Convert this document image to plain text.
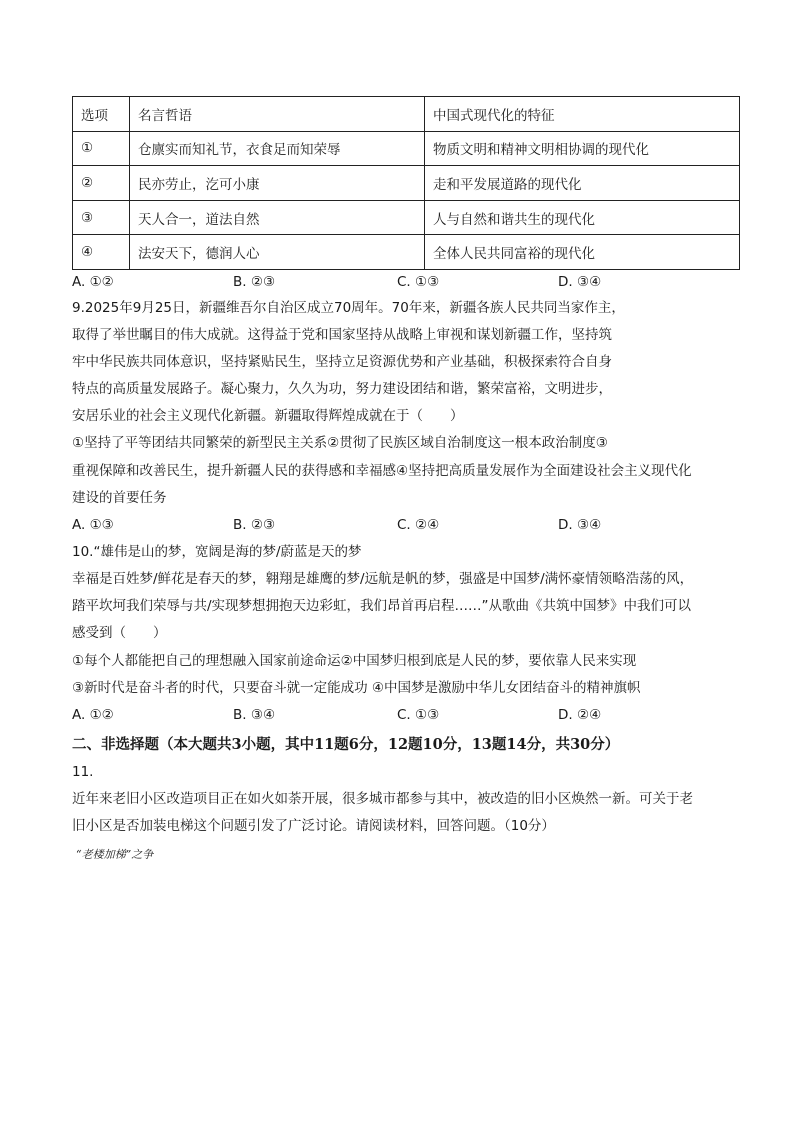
选项	名言哲语	中国式现代化的特征
①	仓廪实而知礼节，衣食足而知荣辱	物质文明和精神文明相协调的现代化
②	民亦劳止，汔可小康	走和平发展道路的现代化
③	天人合一，道法自然	人与自然和谐共生的现代化
④	法安天下，德润人心	全体人民共同富裕的现代化
A. ①②	B. ②③	C. ①③	D. ③④
9.2025年9月25日，新疆维吾尔自治区成立70周年。70年来，新疆各族人民共同当家作主，
取得了举世瞩目的伟大成就。这得益于党和国家坚持从战略上审视和谋划新疆工作，坚持筑
牢中华民族共同体意识，坚持紧贴民生，坚持立足资源优势和产业基础，积极探索符合自身
特点的高质量发展路子。凝心聚力，久久为功，努力建设团结和谐，繁荣富裕，文明进步，
安居乐业的社会主义现代化新疆。新疆取得辉煌成就在于（　　）
①坚持了平等团结共同繁荣的新型民主关系②贯彻了民族区域自治制度这一根本政治制度③
重视保障和改善民生，提升新疆人民的获得感和幸福感④坚持把高质量发展作为全面建设社会主义现代化
建设的首要任务
A. ①③	B. ②③	C. ②④	D. ③④
10.“雄伟是山的梦，宽阔是海的梦/蔚蓝是天的梦
幸福是百姓梦/鲜花是春天的梦，翱翔是雄鹰的梦/远航是帆的梦，强盛是中国梦/满怀豪情领略浩荡的风，
踏平坎坷我们荣辱与共/实现梦想拥抱天边彩虹，我们昂首再启程……”从歌曲《共筑中国梦》中我们可以
感受到（　　）
①每个人都能把自己的理想融入国家前途命运②中国梦归根到底是人民的梦，要依靠人民来实现
③新时代是奋斗者的时代，只要奋斗就一定能成功 ④中国梦是激励中华儿女团结奋斗的精神旗帜
A. ①②	B. ③④	C. ①③	D. ②④
二、非选择题（本大题共3小题，其中11题6分，12题10分，13题14分，共30分）
11.
近年来老旧小区改造项目正在如火如荼开展，很多城市都参与其中，被改造的旧小区焕然一新。可关于老
旧小区是否加装电梯这个问题引发了广泛讨论。请阅读材料，回答问题。（10分）
“老楼加梯”之争
